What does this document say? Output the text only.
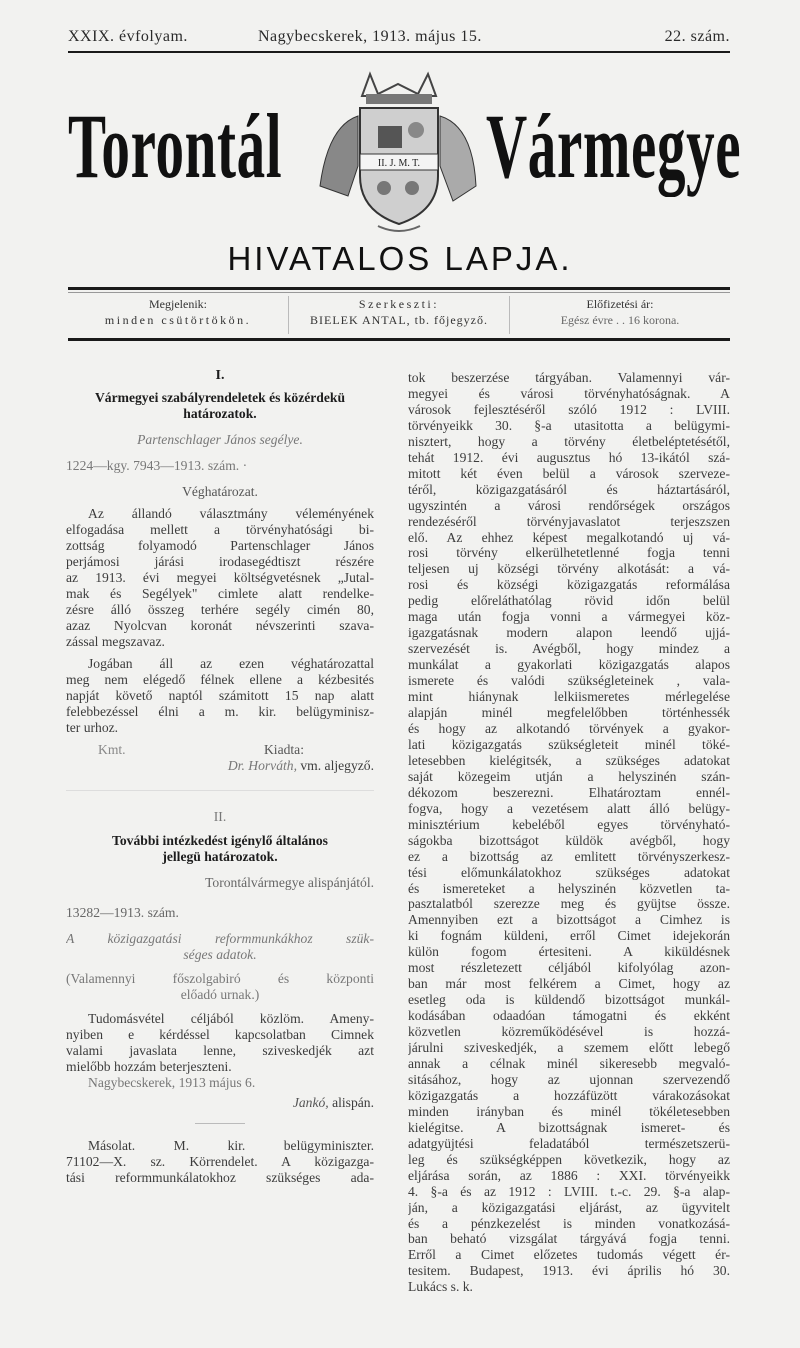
XXIX. évfolyam.	Nagybecskerek, 1913. május 15.	22. szám.
Torontál Vármegye
II. J. M. T.
HIVATALOS LAPJA.
Megjelenik:
minden csütörtökön.
Szerkeszti:
BIELEK ANTAL, tb. főjegyző.
Előfizetési ár:
Egész évre . . 16 korona.
I.
Vármegyei szabályrendeletek és közérdekü
határozatok.
Partenschlager János segélye.
1224—kgy. 7943—1913. szám. ·
Véghatározat.
Az állandó választmány véleményének
elfogadása mellett a törvényhatósági bi-
zottság folyamodó Partenschlager János
perjámosi járási irodasegédtiszt részére
az 1913. évi megyei költségvetésnek „Jutal-
mak és Segélyek" cimlete alatt rendelke-
zésre álló összeg terhére segély cimén 80,
azaz Nyolcvan koronát névszerinti szava-
zással megszavaz.
Jogában áll az ezen véghatározattal
meg nem elégedő félnek ellene a kézbesités
napját követő naptól számitott 15 nap alatt
felebbezéssel élni a m. kir. belügyminisz-
ter urhoz.
Kmt.	Kiadta:
Dr. Horváth, vm. aljegyző.
II.
További intézkedést igénylő általános
jellegü határozatok.
Torontálvármegye alispánjától.
13282—1913. szám.
A közigazgatási reformmunkákhoz szük-
séges adatok.
(Valamennyi főszolgabiró és központi
előadó urnak.)
Tudomásvétel céljából közlöm. Ameny-
nyiben e kérdéssel kapcsolatban Cimnek
valami javaslata lenne, sziveskedjék azt
mielőbb hozzám beterjeszteni.
Nagybecskerek, 1913 május 6.
Jankó, alispán.
Másolat. M. kir. belügyminiszter.
71102—X. sz. Körrendelet. A közigazga-
tási reformmunkálatokhoz szükséges ada-
tok beszerzése tárgyában. Valamennyi vár-
megyei és városi törvényhatóságnak. A
városok fejlesztéséről szóló 1912 : LVIII.
törvényeikk 30. §-a utasitotta a belügymi-
nisztert, hogy a törvény életbeléptetésétől,
tehát 1912. évi augusztus hó 13-ikától szá-
mitott két éven belül a városok szerveze-
téről, közigazgatásáról és háztartásáról,
ugyszintén a városi rendőrségek országos
rendezéséről törvényjavaslatot terjeszszen
elő. Az ehhez képest megalkotandó uj vá-
rosi törvény elkerülhetetlenné fogja tenni
teljesen uj községi törvény alkotását: a vá-
rosi és községi közigazgatás reformálása
pedig előreláthatólag rövid időn belül
maga után fogja vonni a vármegyei köz-
igazgatásnak modern alapon leendő ujjá-
szervezését is. Avégből, hogy mindez a
munkálat a gyakorlati közigazgatás alapos
ismerete és valódi szükségleteinek , vala-
mint hiánynak lelkiismeretes mérlegelése
alapján minél megfelelőbben történhessék
és hogy az alkotandó törvények a gyakor-
lati közigazgatás szükségleteit minél töké-
letesebben kielégitsék, a szükséges adatokat
saját közegeim utján a helyszinén szán-
dékozom beszerezni. Elhatároztam ennél-
fogva, hogy a vezetésem alatt álló belügy-
minisztérium kebeléből egyes törvényható-
ságokba bizottságot küldök avégből, hogy
ez a bizottság az emlitett törvényszerkesz-
tési előmunkálatokhoz szükséges adatokat
és ismereteket a helyszinén közvetlen ta-
pasztalatból szerezze meg és gyüjtse össze.
Amennyiben ezt a bizottságot a Cimhez is
ki fognám küldeni, erről Cimet idejekorán
külön fogom értesiteni. A kiküldésnek
most részletezett céljából kifolyólag azon-
ban már most felkérem a Cimet, hogy az
esetleg oda is küldendő bizottságot munkál-
kodásában odaadóan támogatni és ekként
közvetlen közreműködésével is hozzá-
járulni sziveskedjék, a szemem előtt lebegő
annak a célnak minél sikeresebb megvaló-
sitásához, hogy az ujonnan szervezendő
közigazgatás a hozzáfüzött várakozásokat
minden irányban és minél tökéletesebben
kielégitse. A bizottságnak ismeret- és
adatgyüjtési feladatából természetszerü-
leg és szükségképpen következik, hogy az
eljárása során, az 1886 : XXI. törvényeikk
4. §-a és az 1912 : LVIII. t.-c. 29. §-a alap-
ján, a közigazgatási eljárást, az ügyvitelt
és a pénzkezelést is minden vonatkozásá-
ban beható vizsgálat tárgyává fogja tenni.
Erről a Cimet előzetes tudomás végett ér-
tesitem. Budapest, 1913. évi április hó 30.
Lukács s. k.
